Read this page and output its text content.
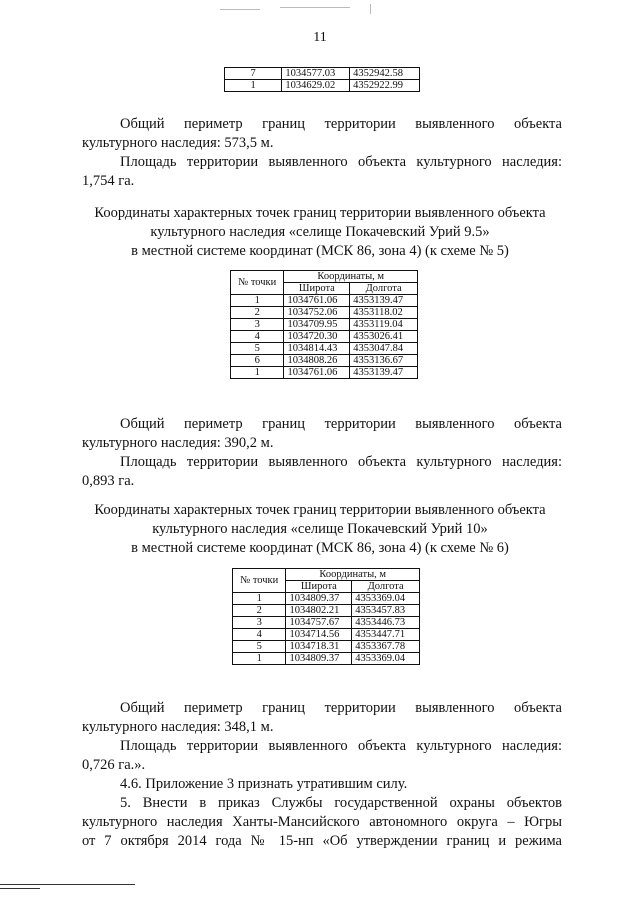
11
7	1034577.03	4352942.58
1	1034629.02	4352922.99
Общий периметр границ территории выявленного объекта
культурного наследия: 573,5 м.
Площадь территории выявленного объекта культурного наследия:
1,754 га.
Координаты характерных точек границ территории выявленного объекта
культурного наследия «селище Покачевский Урий 9.5»
в местной системе координат (МСК 86, зона 4) (к схеме № 5)
№ точки	Координаты, м	
	Широта	Долгота
1	1034761.06	4353139.47
2	1034752.06	4353118.02
3	1034709.95	4353119.04
4	1034720.30	4353026.41
5	1034814.43	4353047.84
6	1034808.26	4353136.67
1	1034761.06	4353139.47
Общий периметр границ территории выявленного объекта
культурного наследия: 390,2 м.
Площадь территории выявленного объекта культурного наследия:
0,893 га.
Координаты характерных точек границ территории выявленного объекта
культурного наследия «селище Покачевский Урий 10»
в местной системе координат (МСК 86, зона 4) (к схеме № 6)
№ точки	Координаты, м	
	Широта	Долгота
1	1034809.37	4353369.04
2	1034802.21	4353457.83
3	1034757.67	4353446.73
4	1034714.56	4353447.71
5	1034718.31	4353367.78
1	1034809.37	4353369.04
Общий периметр границ территории выявленного объекта
культурного наследия: 348,1 м.
Площадь территории выявленного объекта культурного наследия:
0,726 га.».
4.6. Приложение 3 признать утратившим силу.
5. Внести в приказ Службы государственной охраны объектов
культурного наследия Ханты-Мансийского автономного округа – Югры
от 7 октября 2014 года № 15-нп «Об утверждении границ и режима
